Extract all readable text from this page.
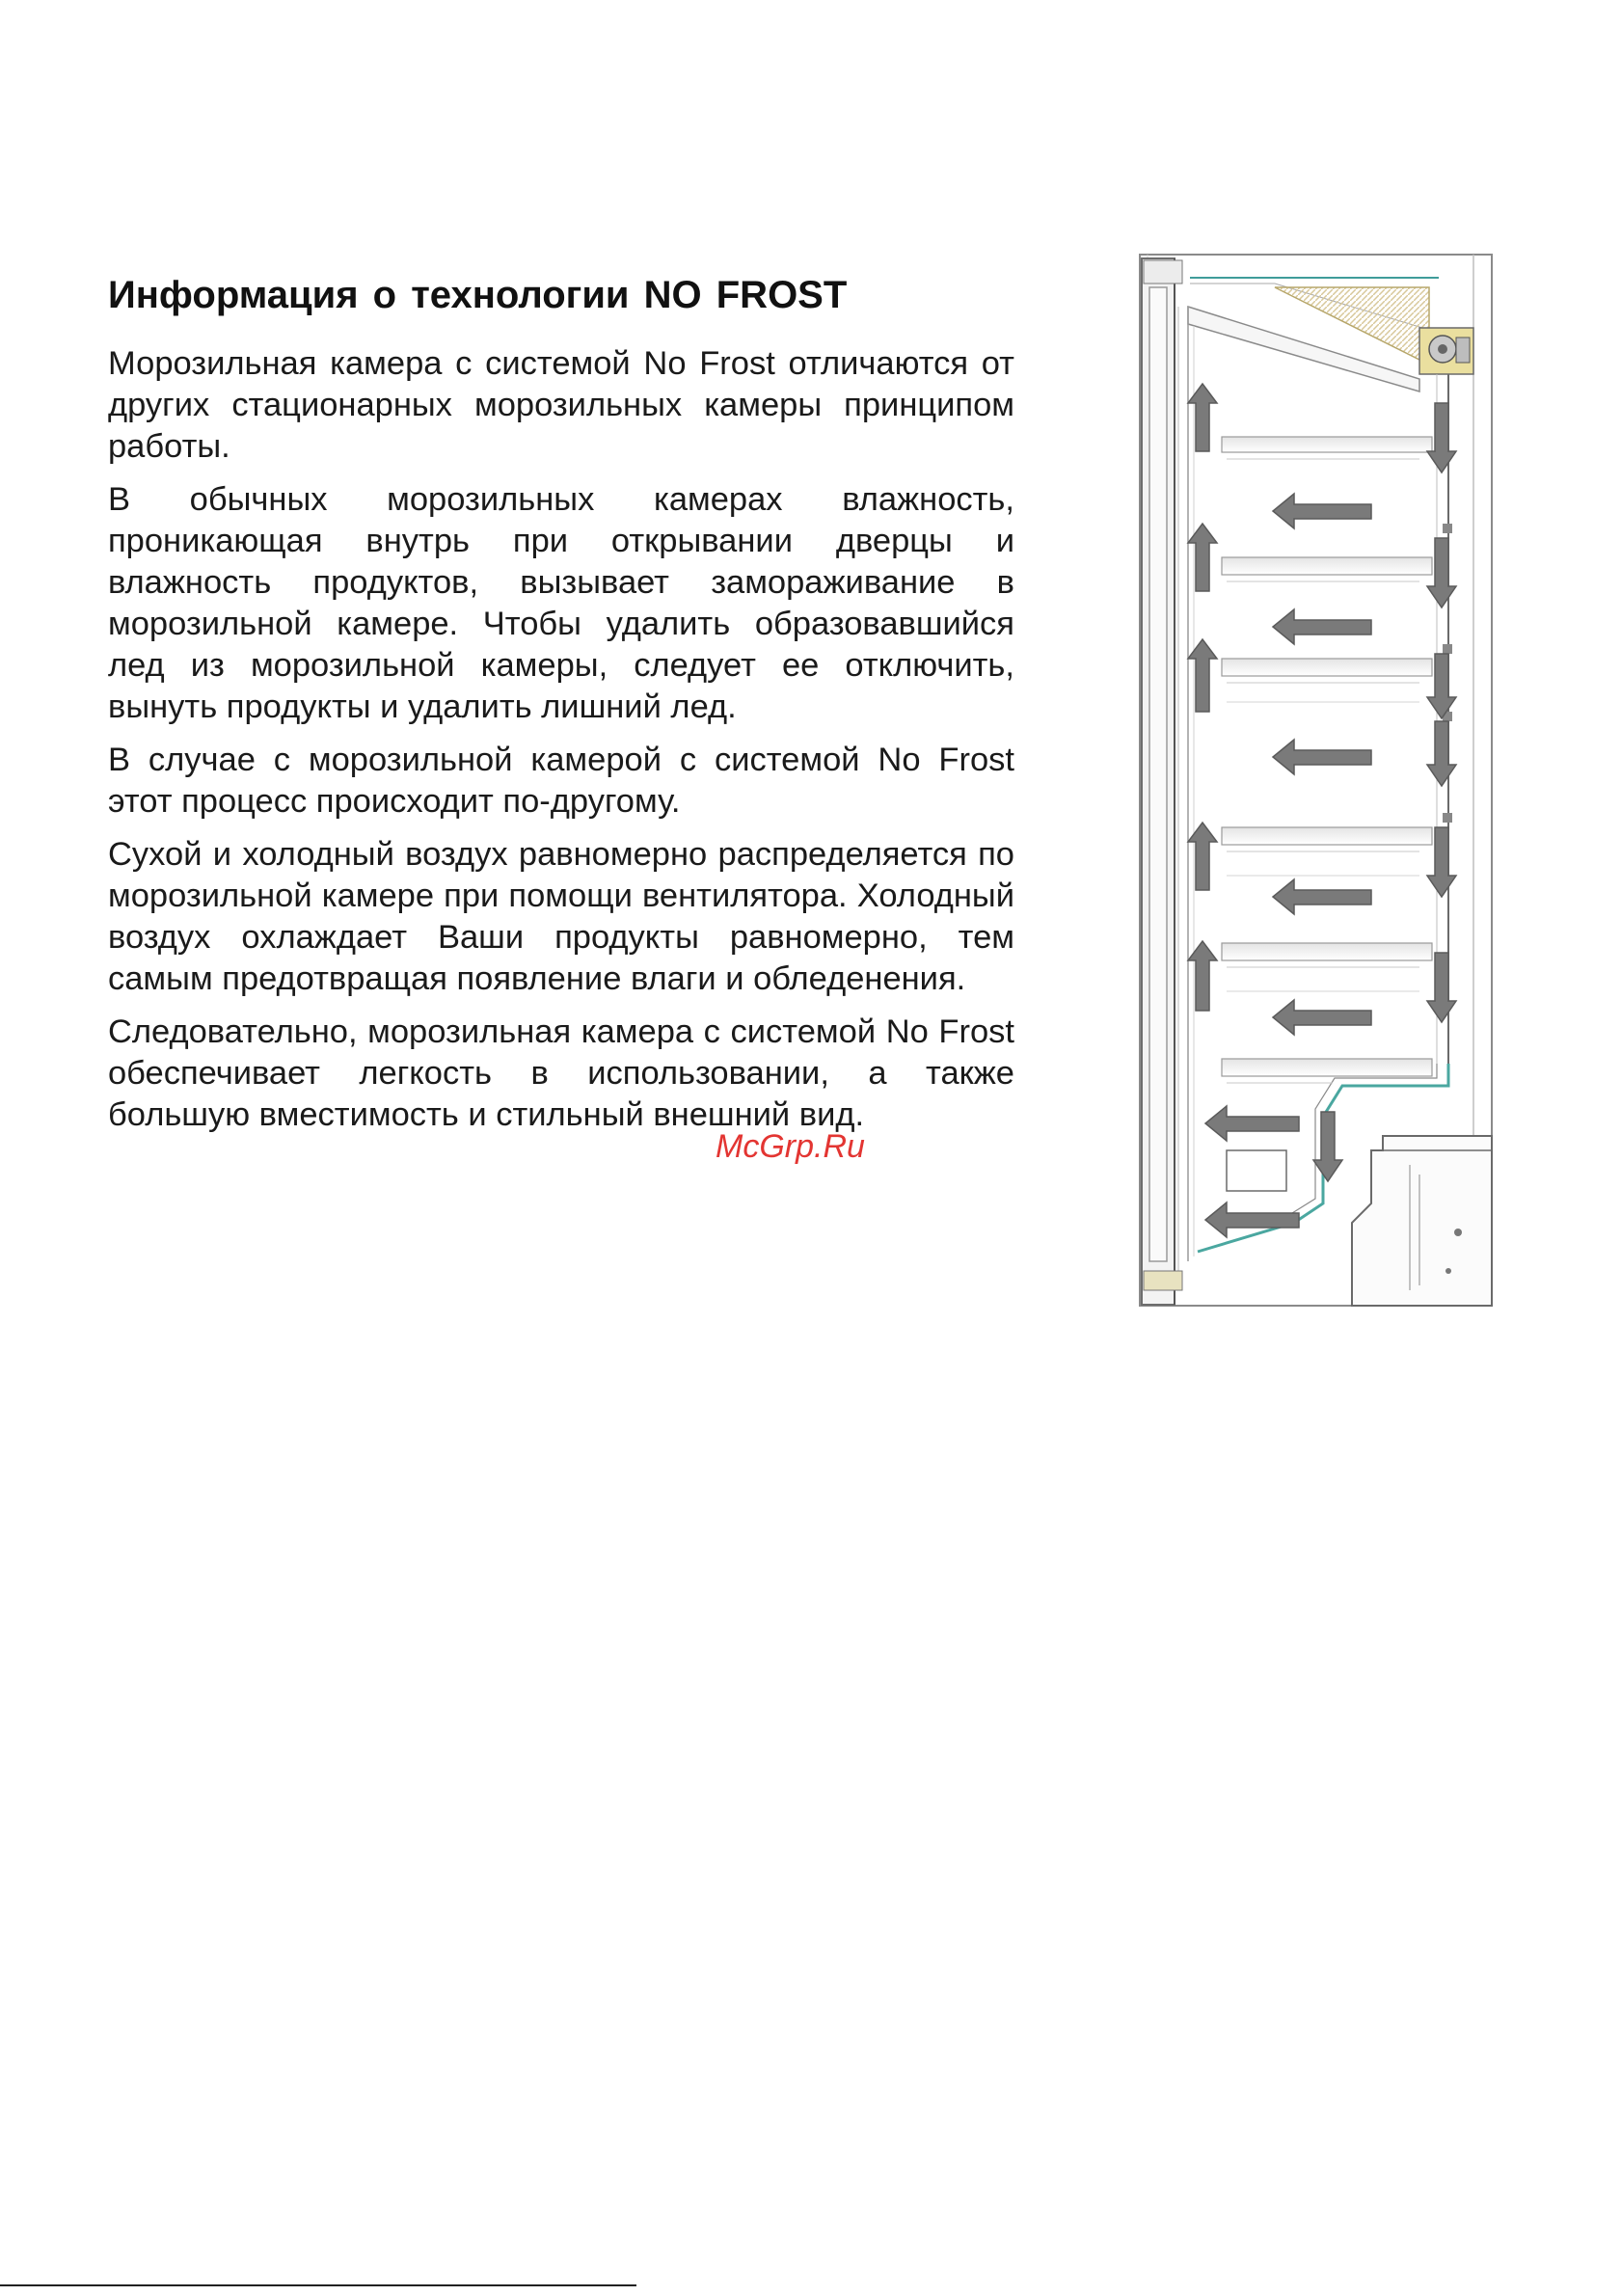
Информация о технологии NO FROST

Морозильная камера с системой No Frost отличаются от других стационарных морозильных камеры принципом работы.

В обычных морозильных камерах влажность, проникающая внутрь при открывании дверцы и влажность продуктов, вызывает замораживание в морозильной камере. Чтобы удалить образовавшийся лед из морозильной камеры, следует ее отключить, вынуть продукты и удалить лишний лед.

В случае с морозильной камерой с системой No Frost этот процесс происходит по-другому.

Сухой и холодный воздух равномерно распределяется по морозильной камере при помощи вентилятора. Холодный воздух охлаждает Ваши продукты равномерно, тем самым предотвращая появление влаги и обледенения.

Следовательно, морозильная камера с системой No Frost обеспечивает легкость в использовании, а также большую вместимость и стильный внешний вид.

McGrp.Ru
